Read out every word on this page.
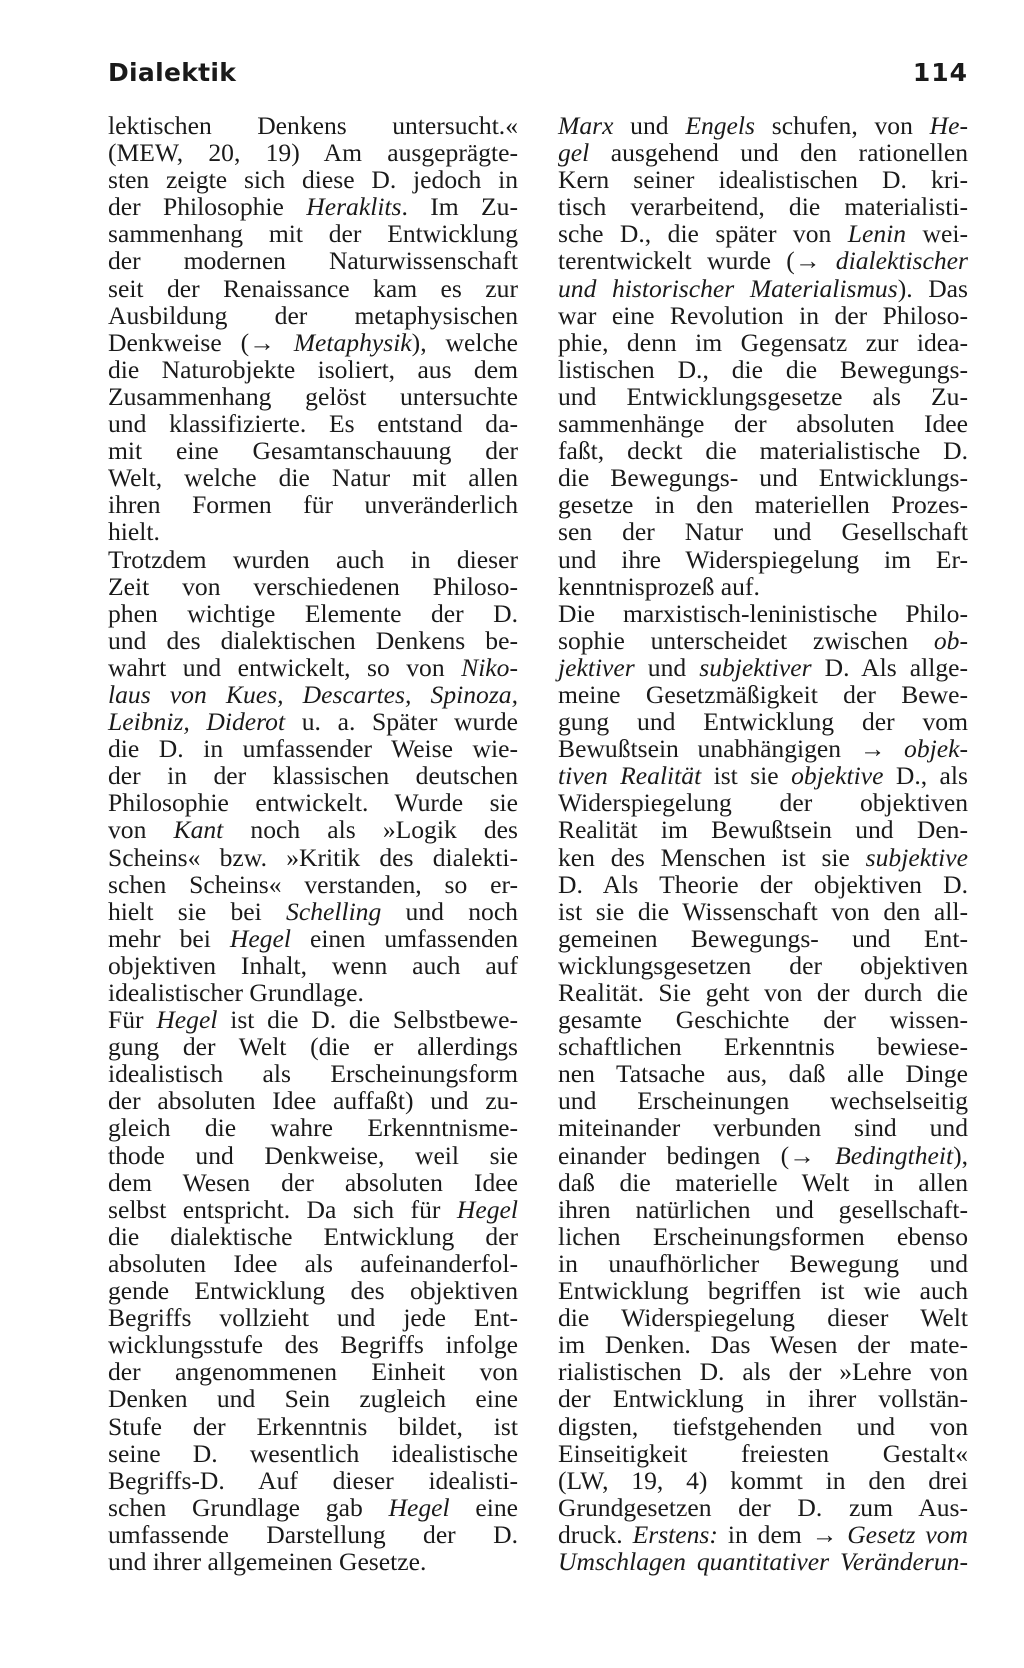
Dialektik	114
lektischen Denkens untersucht.«
(MEW, 20, 19) Am ausgeprägte-
sten zeigte sich diese D. jedoch in
der Philosophie Heraklits. Im Zu-
sammenhang mit der Entwicklung
der modernen Naturwissenschaft
seit der Renaissance kam es zur
Ausbildung der metaphysischen
Denkweise (→ Metaphysik), welche
die Naturobjekte isoliert, aus dem
Zusammenhang gelöst untersuchte
und klassifizierte. Es entstand da-
mit eine Gesamtanschauung der
Welt, welche die Natur mit allen
ihren Formen für unveränderlich
hielt.
Trotzdem wurden auch in dieser
Zeit von verschiedenen Philoso-
phen wichtige Elemente der D.
und des dialektischen Denkens be-
wahrt und entwickelt, so von Niko-
laus von Kues, Descartes, Spinoza,
Leibniz, Diderot u. a. Später wurde
die D. in umfassender Weise wie-
der in der klassischen deutschen
Philosophie entwickelt. Wurde sie
von Kant noch als »Logik des
Scheins« bzw. »Kritik des dialekti-
schen Scheins« verstanden, so er-
hielt sie bei Schelling und noch
mehr bei Hegel einen umfassenden
objektiven Inhalt, wenn auch auf
idealistischer Grundlage.
Für Hegel ist die D. die Selbstbewe-
gung der Welt (die er allerdings
idealistisch als Erscheinungsform
der absoluten Idee auffaßt) und zu-
gleich die wahre Erkenntnisme-
thode und Denkweise, weil sie
dem Wesen der absoluten Idee
selbst entspricht. Da sich für Hegel
die dialektische Entwicklung der
absoluten Idee als aufeinanderfol-
gende Entwicklung des objektiven
Begriffs vollzieht und jede Ent-
wicklungsstufe des Begriffs infolge
der angenommenen Einheit von
Denken und Sein zugleich eine
Stufe der Erkenntnis bildet, ist
seine D. wesentlich idealistische
Begriffs-D. Auf dieser idealisti-
schen Grundlage gab Hegel eine
umfassende Darstellung der D.
und ihrer allgemeinen Gesetze.
Marx und Engels schufen, von He-
gel ausgehend und den rationellen
Kern seiner idealistischen D. kri-
tisch verarbeitend, die materialisti-
sche D., die später von Lenin wei-
terentwickelt wurde (→ dialektischer
und historischer Materialismus). Das
war eine Revolution in der Philoso-
phie, denn im Gegensatz zur idea-
listischen D., die die Bewegungs-
und Entwicklungsgesetze als Zu-
sammenhänge der absoluten Idee
faßt, deckt die materialistische D.
die Bewegungs- und Entwicklungs-
gesetze in den materiellen Prozes-
sen der Natur und Gesellschaft
und ihre Widerspiegelung im Er-
kenntnisprozeß auf.
Die marxistisch-leninistische Philo-
sophie unterscheidet zwischen ob-
jektiver und subjektiver D. Als allge-
meine Gesetzmäßigkeit der Bewe-
gung und Entwicklung der vom
Bewußtsein unabhängigen → objek-
tiven Realität ist sie objektive D., als
Widerspiegelung der objektiven
Realität im Bewußtsein und Den-
ken des Menschen ist sie subjektive
D. Als Theorie der objektiven D.
ist sie die Wissenschaft von den all-
gemeinen Bewegungs- und Ent-
wicklungsgesetzen der objektiven
Realität. Sie geht von der durch die
gesamte Geschichte der wissen-
schaftlichen Erkenntnis bewiese-
nen Tatsache aus, daß alle Dinge
und Erscheinungen wechselseitig
miteinander verbunden sind und
einander bedingen (→ Bedingtheit),
daß die materielle Welt in allen
ihren natürlichen und gesellschaft-
lichen Erscheinungsformen ebenso
in unaufhörlicher Bewegung und
Entwicklung begriffen ist wie auch
die Widerspiegelung dieser Welt
im Denken. Das Wesen der mate-
rialistischen D. als der »Lehre von
der Entwicklung in ihrer vollstän-
digsten, tiefstgehenden und von
Einseitigkeit freiesten Gestalt«
(LW, 19, 4) kommt in den drei
Grundgesetzen der D. zum Aus-
druck. Erstens: in dem → Gesetz vom
Umschlagen quantitativer Veränderun-
